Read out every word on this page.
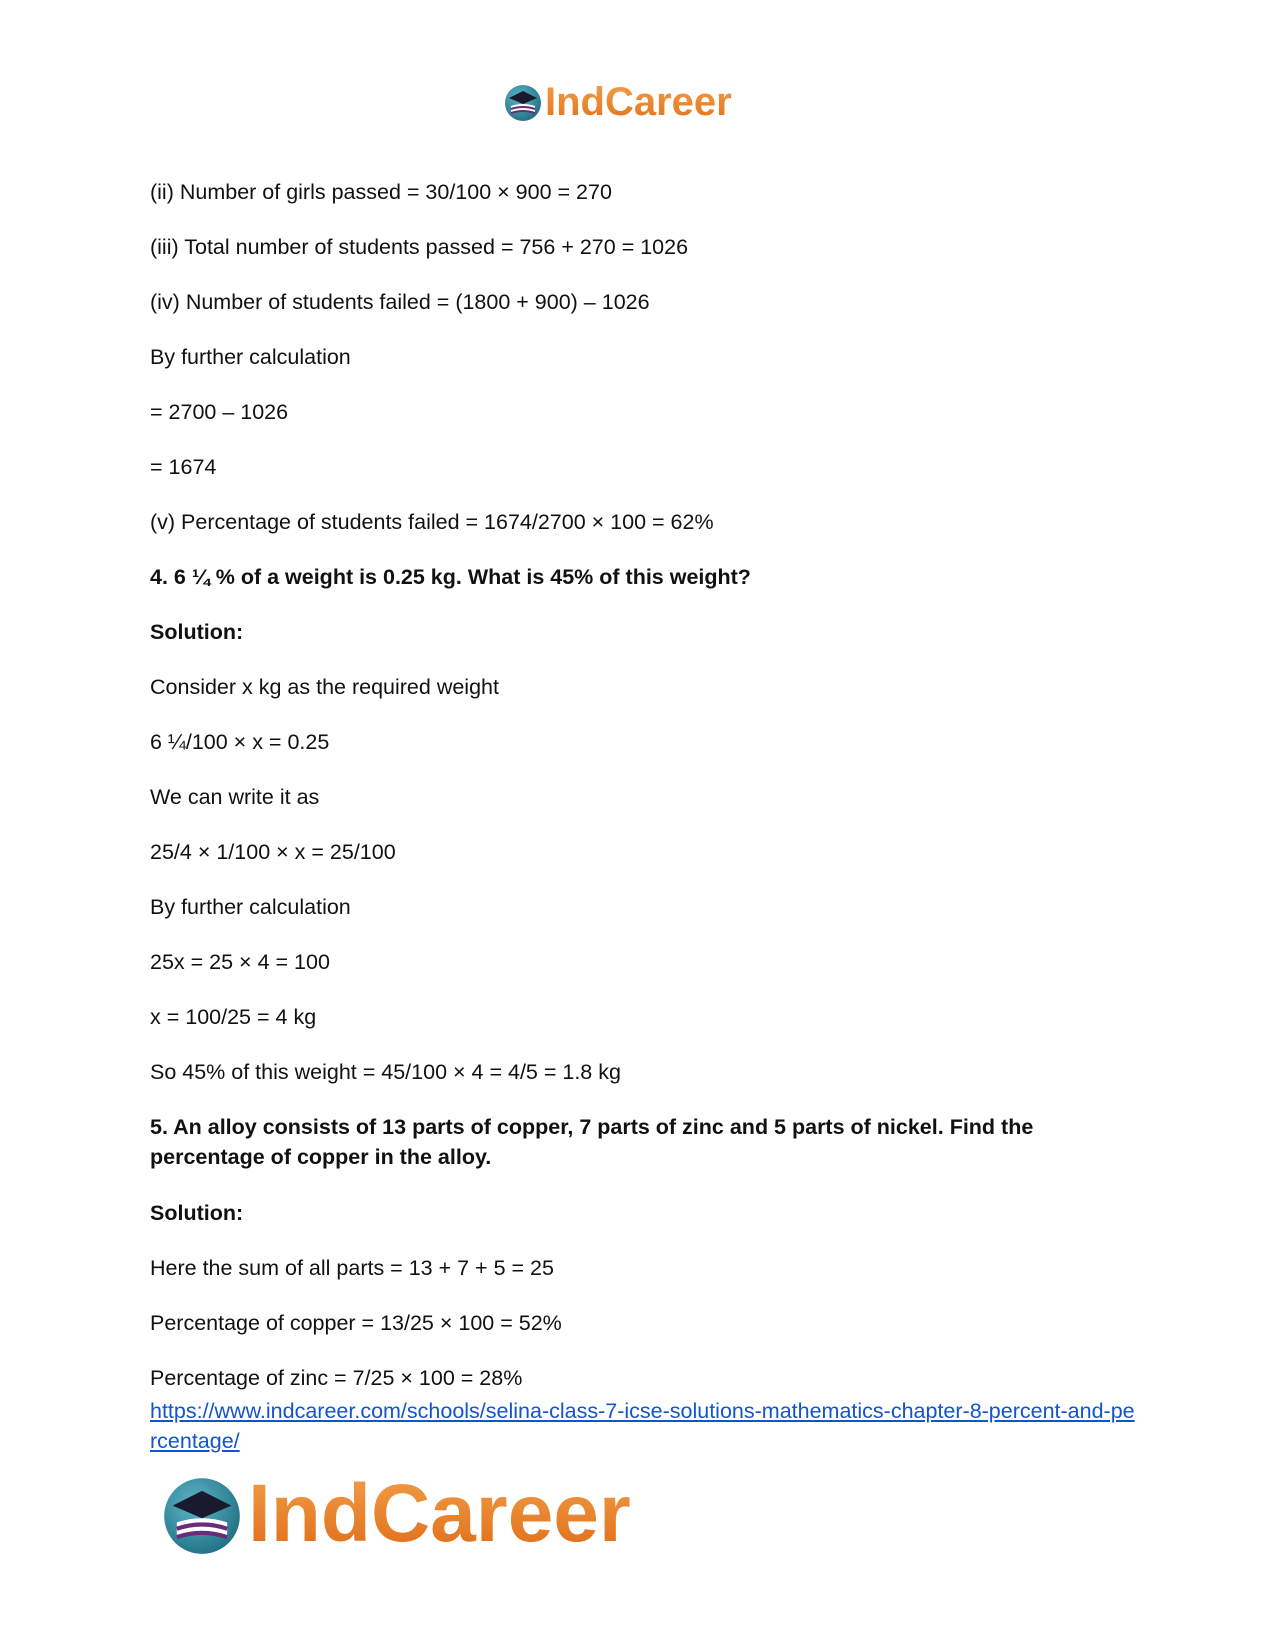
IndCareer
(ii) Number of girls passed = 30/100 × 900 = 270
(iii) Total number of students passed = 756 + 270 = 1026
(iv) Number of students failed = (1800 + 900) – 1026
By further calculation
= 2700 – 1026
= 1674
(v) Percentage of students failed = 1674/2700 × 100 = 62%
4. 6 ¼ % of a weight is 0.25 kg. What is 45% of this weight?
Solution:
Consider x kg as the required weight
6 ¼/100 × x = 0.25
We can write it as
25/4 × 1/100 × x = 25/100
By further calculation
25x = 25 × 4 = 100
x = 100/25 = 4 kg
So 45% of this weight = 45/100 × 4 = 4/5 = 1.8 kg
5. An alloy consists of 13 parts of copper, 7 parts of zinc and 5 parts of nickel. Find the percentage of copper in the alloy.
Solution:
Here the sum of all parts = 13 + 7 + 5 = 25
Percentage of copper = 13/25 × 100 = 52%
Percentage of zinc = 7/25 × 100 = 28%
https://www.indcareer.com/schools/selina-class-7-icse-solutions-mathematics-chapter-8-percent-and-percentage/
IndCareer
